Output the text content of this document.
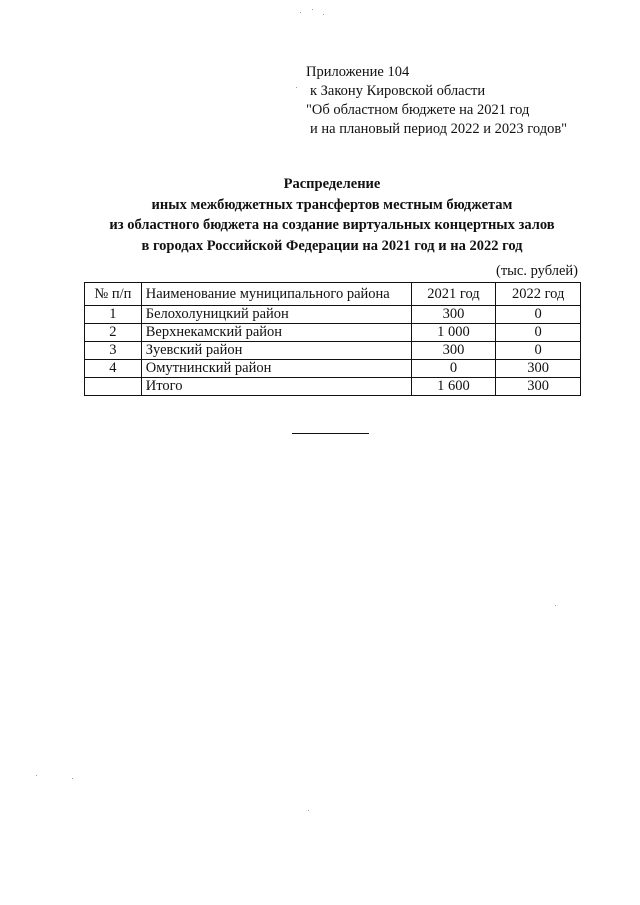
Приложение 104
к Закону Кировской области
"Об областном бюджете на 2021 год
и на плановый период 2022 и 2023 годов"
Распределение
иных межбюджетных трансфертов местным бюджетам
из областного бюджета на создание виртуальных концертных залов
в городах Российской Федерации на 2021 год и на 2022 год
(тыс. рублей)
№ п/п	Наименование муниципального района	2021 год	2022 год
1	Белохолуницкий район	300	0
2	Верхнекамский район	1 000	0
3	Зуевский район	300	0
4	Омутнинский район	0	300
	Итого	1 600	300
